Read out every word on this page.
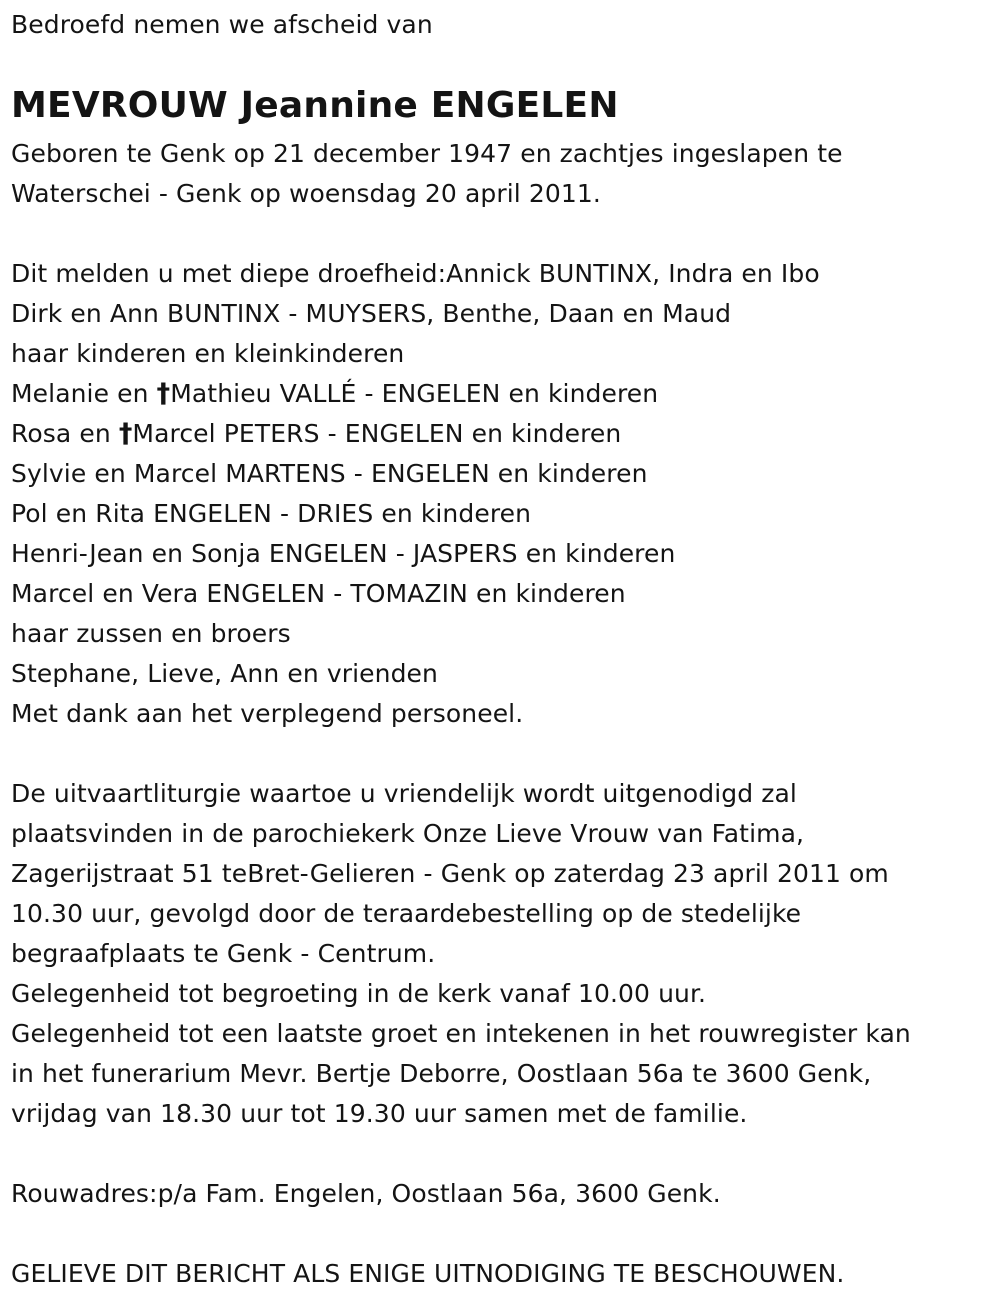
Bedroefd nemen we afscheid van
MEVROUW Jeannine ENGELEN
Geboren te Genk op 21 december 1947 en zachtjes ingeslapen te
Waterschei - Genk op woensdag 20 april 2011.
Dit melden u met diepe droefheid:Annick BUNTINX, Indra en Ibo
Dirk en Ann BUNTINX - MUYSERS, Benthe, Daan en Maud
haar kinderen en kleinkinderen
Melanie en †Mathieu VALLÉ - ENGELEN en kinderen
Rosa en †Marcel PETERS - ENGELEN en kinderen
Sylvie en Marcel MARTENS - ENGELEN en kinderen
Pol en Rita ENGELEN - DRIES en kinderen
Henri-Jean en Sonja ENGELEN - JASPERS en kinderen
Marcel en Vera ENGELEN - TOMAZIN en kinderen
haar zussen en broers
Stephane, Lieve, Ann en vrienden
Met dank aan het verplegend personeel.
De uitvaartliturgie waartoe u vriendelijk wordt uitgenodigd zal
plaatsvinden in de parochiekerk Onze Lieve Vrouw van Fatima,
Zagerijstraat 51 teBret-Gelieren - Genk op zaterdag 23 april 2011 om
10.30 uur, gevolgd door de teraardebestelling op de stedelijke
begraafplaats te Genk - Centrum.
Gelegenheid tot begroeting in de kerk vanaf 10.00 uur.
Gelegenheid tot een laatste groet en intekenen in het rouwregister kan
in het funerarium Mevr. Bertje Deborre, Oostlaan 56a te 3600 Genk,
vrijdag van 18.30 uur tot 19.30 uur samen met de familie.
Rouwadres:p/a Fam. Engelen, Oostlaan 56a, 3600 Genk.
GELIEVE DIT BERICHT ALS ENIGE UITNODIGING TE BESCHOUWEN.
